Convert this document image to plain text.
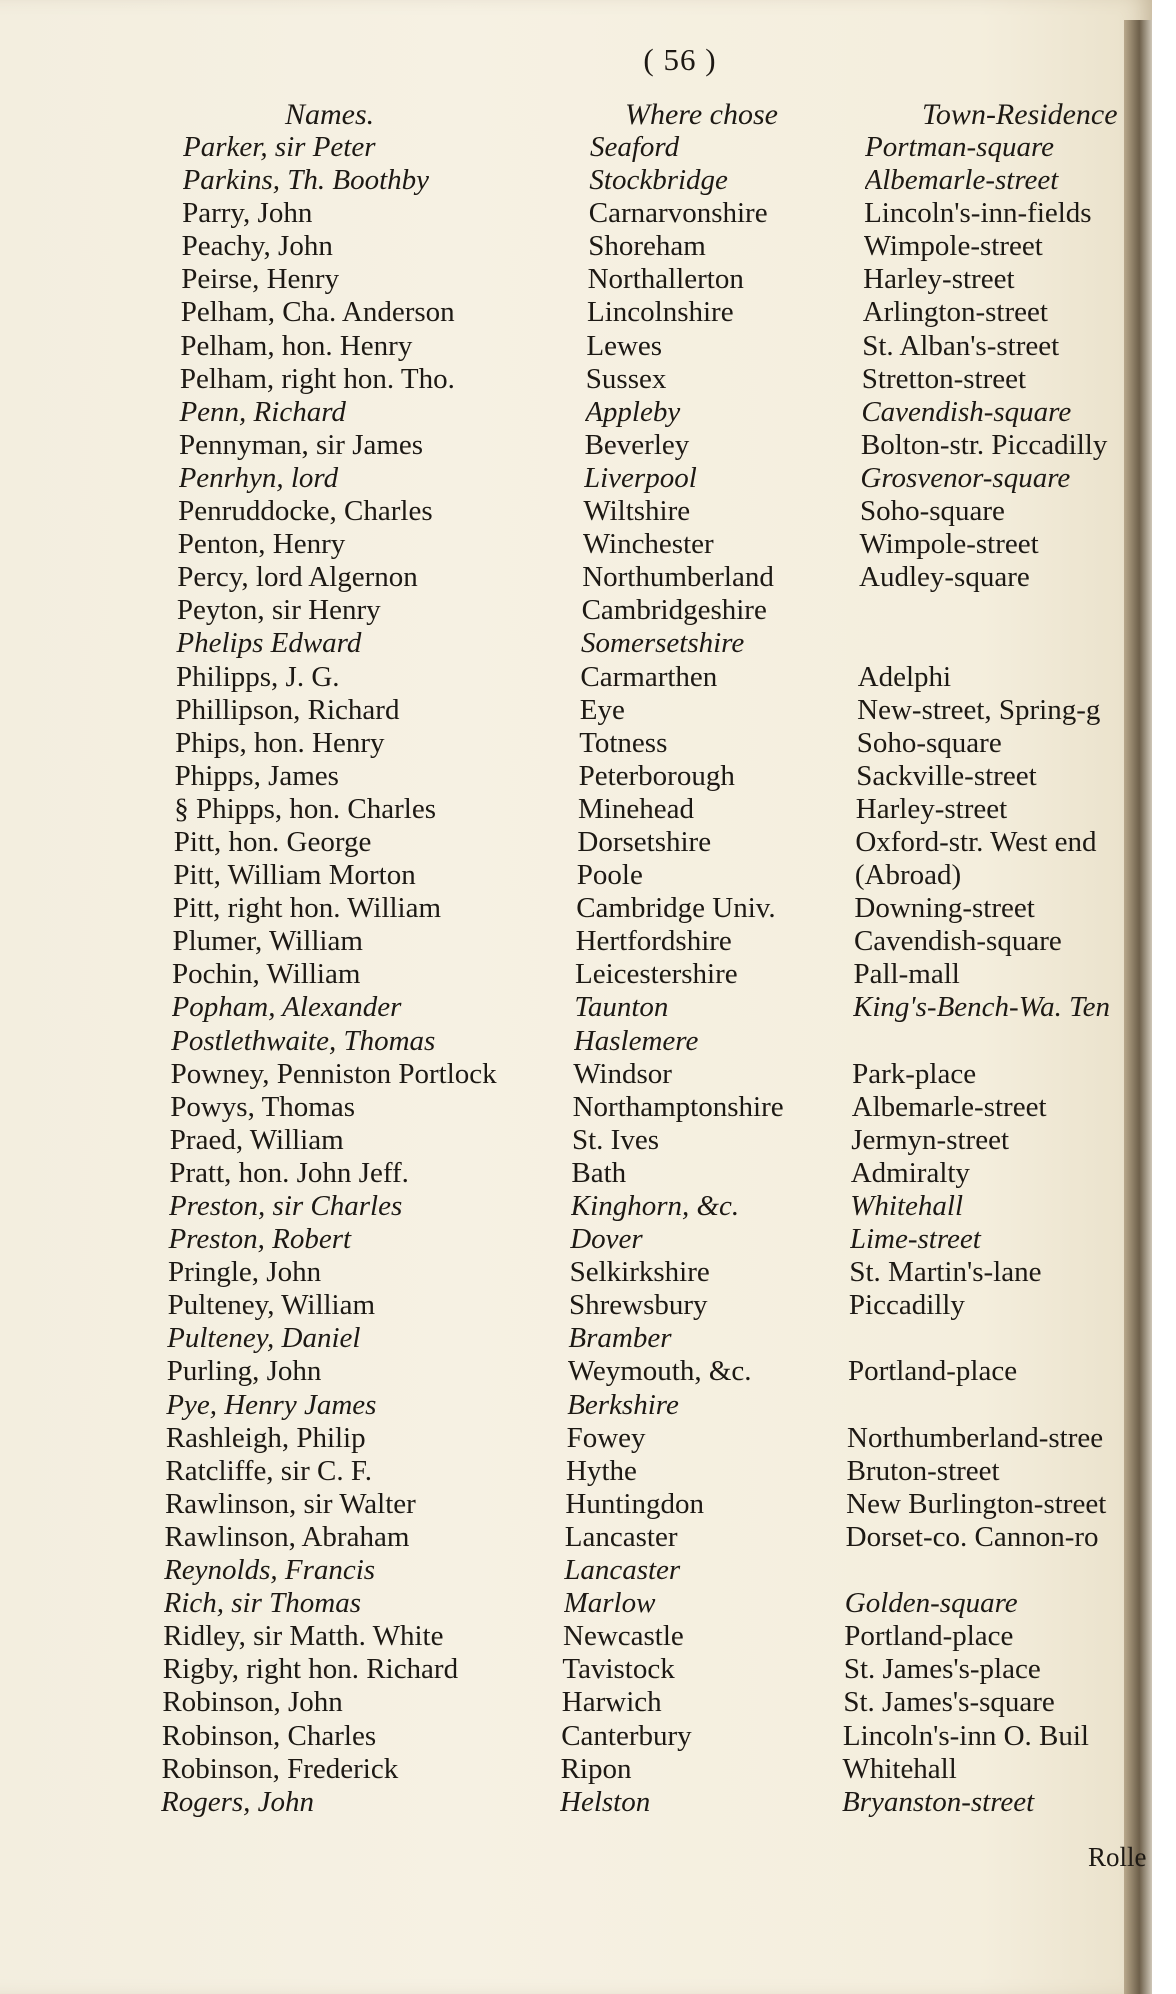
( 56 )
Names.	Where chose	Town-Residence
Parker, sir Peter	Seaford	Portman-square
Parkins, Th. Boothby	Stockbridge	Albemarle-street
Parry, John	Carnarvonshire	Lincoln's-inn-fields
Peachy, John	Shoreham	Wimpole-street
Peirse, Henry	Northallerton	Harley-street
Pelham, Cha. Anderson	Lincolnshire	Arlington-street
Pelham, hon. Henry	Lewes	St. Alban's-street
Pelham, right hon. Tho.	Sussex	Stretton-street
Penn, Richard	Appleby	Cavendish-square
Pennyman, sir James	Beverley	Bolton-str. Piccadilly
Penrhyn, lord	Liverpool	Grosvenor-square
Penruddocke, Charles	Wiltshire	Soho-square
Penton, Henry	Winchester	Wimpole-street
Percy, lord Algernon	Northumberland	Audley-square
Peyton, sir Henry	Cambridgeshire
Phelips Edward	Somersetshire
Philipps, J. G.	Carmarthen	Adelphi
Phillipson, Richard	Eye	New-street, Spring-g
Phips, hon. Henry	Totness	Soho-square
Phipps, James	Peterborough	Sackville-street
§ Phipps, hon. Charles	Minehead	Harley-street
Pitt, hon. George	Dorsetshire	Oxford-str. West end
Pitt, William Morton	Poole	(Abroad)
Pitt, right hon. William	Cambridge Univ.	Downing-street
Plumer, William	Hertfordshire	Cavendish-square
Pochin, William	Leicestershire	Pall-mall
Popham, Alexander	Taunton	King's-Bench-Wa. Ten
Postlethwaite, Thomas	Haslemere
Powney, Penniston Portlock	Windsor	Park-place
Powys, Thomas	Northamptonshire	Albemarle-street
Praed, William	St. Ives	Jermyn-street
Pratt, hon. John Jeff.	Bath	Admiralty
Preston, sir Charles	Kinghorn, &c.	Whitehall
Preston, Robert	Dover	Lime-street
Pringle, John	Selkirkshire	St. Martin's-lane
Pulteney, William	Shrewsbury	Piccadilly
Pulteney, Daniel	Bramber
Purling, John	Weymouth, &c.	Portland-place
Pye, Henry James	Berkshire
Rashleigh, Philip	Fowey	Northumberland-stree
Ratcliffe, sir C. F.	Hythe	Bruton-street
Rawlinson, sir Walter	Huntingdon	New Burlington-street
Rawlinson, Abraham	Lancaster	Dorset-co. Cannon-ro
Reynolds, Francis	Lancaster
Rich, sir Thomas	Marlow	Golden-square
Ridley, sir Matth. White	Newcastle	Portland-place
Rigby, right hon. Richard	Tavistock	St. James's-place
Robinson, John	Harwich	St. James's-square
Robinson, Charles	Canterbury	Lincoln's-inn O. Buil
Robinson, Frederick	Ripon	Whitehall
Rogers, John	Helston	Bryanston-street
Rolle
